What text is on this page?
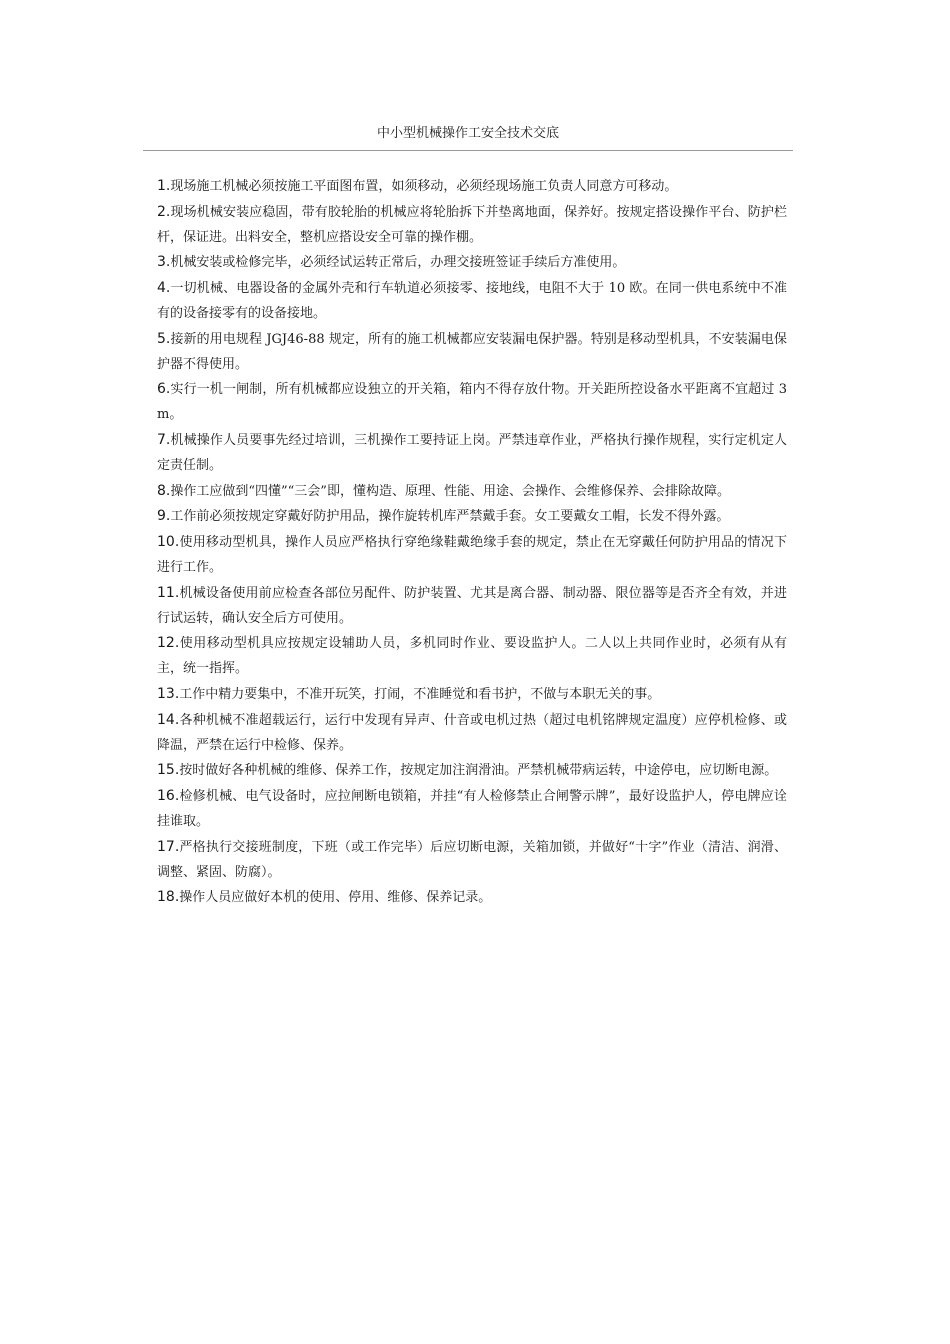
中小型机械操作工安全技术交底

1.现场施工机械必须按施工平面图布置，如须移动，必须经现场施工负责人同意方可移动。

2.现场机械安装应稳固，带有胶轮胎的机械应将轮胎拆下并垫离地面，保养好。按规定搭设操作平台、防护栏杆，保证进。出料安全，整机应搭设安全可靠的操作棚。

3.机械安装或检修完毕，必须经试运转正常后，办理交接班签证手续后方准使用。

4.一切机械、电器设备的金属外壳和行车轨道必须接零、接地线，电阻不大于 10 欧。在同一供电系统中不准有的设备接零有的设备接地。

5.接新的用电规程 JGJ46-88 规定，所有的施工机械都应安装漏电保护器。特别是移动型机具，不安装漏电保护器不得使用。

6.实行一机一闸制，所有机械都应设独立的开关箱，箱内不得存放什物。开关距所控设备水平距离不宜超过 3m。

7.机械操作人员要事先经过培训，三机操作工要持证上岗。严禁违章作业，严格执行操作规程，实行定机定人定责任制。

8.操作工应做到“四懂”“三会”即，懂构造、原理、性能、用途、会操作、会维修保养、会排除故障。

9.工作前必须按规定穿戴好防护用品，操作旋转机库严禁戴手套。女工要戴女工帽，长发不得外露。

10.使用移动型机具，操作人员应严格执行穿绝缘鞋戴绝缘手套的规定，禁止在无穿戴任何防护用品的情况下进行工作。

11.机械设备使用前应检查各部位另配件、防护装置、尤其是离合器、制动器、限位器等是否齐全有效，并进行试运转，确认安全后方可使用。

12.使用移动型机具应按规定设辅助人员，多机同时作业、要设监护人。二人以上共同作业时，必须有从有主，统一指挥。

13.工作中精力要集中，不准开玩笑，打闹，不准睡觉和看书护，不做与本职无关的事。

14.各种机械不准超载运行，运行中发现有异声、什音或电机过热（超过电机铭牌规定温度）应停机检修、或降温，严禁在运行中检修、保养。

15.按时做好各种机械的维修、保养工作，按规定加注润滑油。严禁机械带病运转，中途停电，应切断电源。

16.检修机械、电气设备时，应拉闸断电锁箱，并挂“有人检修禁止合闸警示牌”，最好设监护人，停电牌应诠挂谁取。

17.严格执行交接班制度，下班（或工作完毕）后应切断电源，关箱加锁，并做好“十字”作业（清洁、润滑、调整、紧固、防腐）。

18.操作人员应做好本机的使用、停用、维修、保养记录。
